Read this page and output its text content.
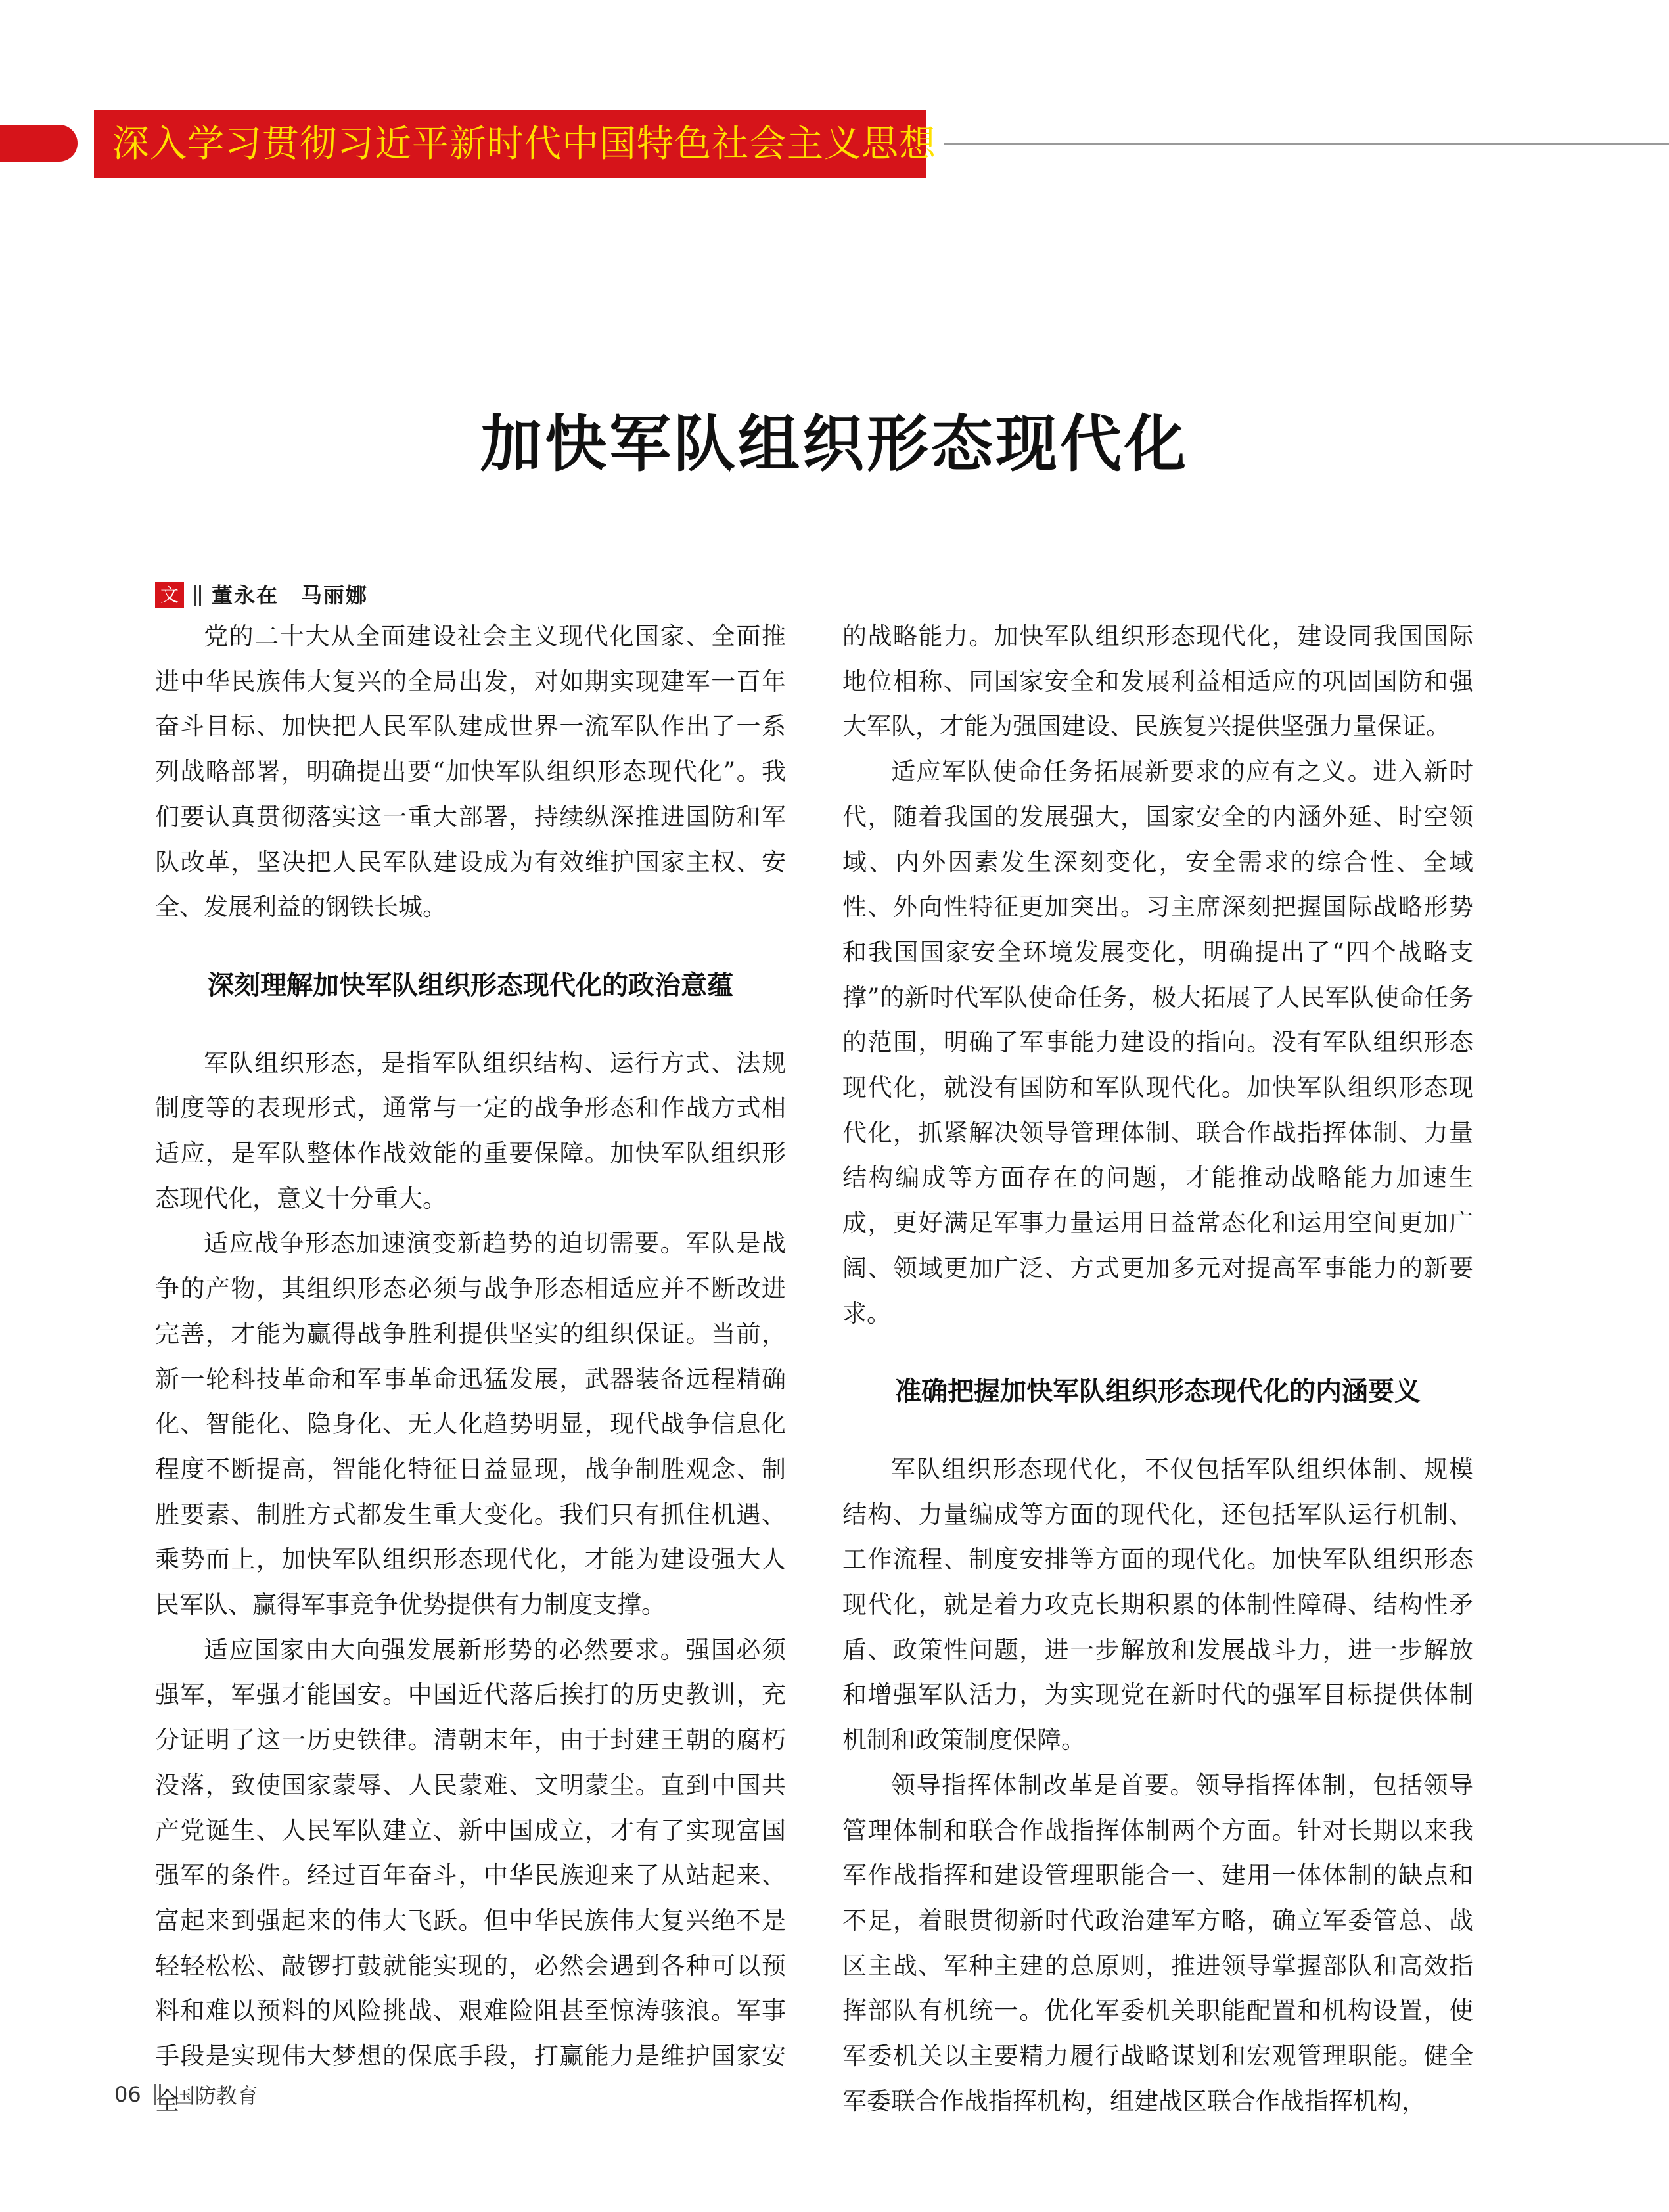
深入学习贯彻习近平新时代中国特色社会主义思想
加快军队组织形态现代化
文 董永在　马丽娜

党的二十大从全面建设社会主义现代化国家、全面推进中华民族伟大复兴的全局出发，对如期实现建军一百年奋斗目标、加快把人民军队建成世界一流军队作出了一系列战略部署，明确提出要“加快军队组织形态现代化”。我们要认真贯彻落实这一重大部署，持续纵深推进国防和军队改革，坚决把人民军队建设成为有效维护国家主权、安全、发展利益的钢铁长城。

深刻理解加快军队组织形态现代化的政治意蕴

军队组织形态，是指军队组织结构、运行方式、法规制度等的表现形式，通常与一定的战争形态和作战方式相适应，是军队整体作战效能的重要保障。加快军队组织形态现代化，意义十分重大。

适应战争形态加速演变新趋势的迫切需要。军队是战争的产物，其组织形态必须与战争形态相适应并不断改进完善，才能为赢得战争胜利提供坚实的组织保证。当前，新一轮科技革命和军事革命迅猛发展，武器装备远程精确化、智能化、隐身化、无人化趋势明显，现代战争信息化程度不断提高，智能化特征日益显现，战争制胜观念、制胜要素、制胜方式都发生重大变化。我们只有抓住机遇、乘势而上，加快军队组织形态现代化，才能为建设强大人民军队、赢得军事竞争优势提供有力制度支撑。

适应国家由大向强发展新形势的必然要求。强国必须强军，军强才能国安。中国近代落后挨打的历史教训，充分证明了这一历史铁律。清朝末年，由于封建王朝的腐朽没落，致使国家蒙辱、人民蒙难、文明蒙尘。直到中国共产党诞生、人民军队建立、新中国成立，才有了实现富国强军的条件。经过百年奋斗，中华民族迎来了从站起来、富起来到强起来的伟大飞跃。但中华民族伟大复兴绝不是轻轻松松、敲锣打鼓就能实现的，必然会遇到各种可以预料和难以预料的风险挑战、艰难险阻甚至惊涛骇浪。军事手段是实现伟大梦想的保底手段，打赢能力是维护国家安全

的战略能力。加快军队组织形态现代化，建设同我国国际地位相称、同国家安全和发展利益相适应的巩固国防和强大军队，才能为强国建设、民族复兴提供坚强力量保证。

适应军队使命任务拓展新要求的应有之义。进入新时代，随着我国的发展强大，国家安全的内涵外延、时空领域、内外因素发生深刻变化，安全需求的综合性、全域性、外向性特征更加突出。习主席深刻把握国际战略形势和我国国家安全环境发展变化，明确提出了“四个战略支撑”的新时代军队使命任务，极大拓展了人民军队使命任务的范围，明确了军事能力建设的指向。没有军队组织形态现代化，就没有国防和军队现代化。加快军队组织形态现代化，抓紧解决领导管理体制、联合作战指挥体制、力量结构编成等方面存在的问题，才能推动战略能力加速生成，更好满足军事力量运用日益常态化和运用空间更加广阔、领域更加广泛、方式更加多元对提高军事能力的新要求。

准确把握加快军队组织形态现代化的内涵要义

军队组织形态现代化，不仅包括军队组织体制、规模结构、力量编成等方面的现代化，还包括军队运行机制、工作流程、制度安排等方面的现代化。加快军队组织形态现代化，就是着力攻克长期积累的体制性障碍、结构性矛盾、政策性问题，进一步解放和发展战斗力，进一步解放和增强军队活力，为实现党在新时代的强军目标提供体制机制和政策制度保障。

领导指挥体制改革是首要。领导指挥体制，包括领导管理体制和联合作战指挥体制两个方面。针对长期以来我军作战指挥和建设管理职能合一、建用一体体制的缺点和不足，着眼贯彻新时代政治建军方略，确立军委管总、战区主战、军种主建的总原则，推进领导掌握部队和高效指挥部队有机统一。优化军委机关职能配置和机构设置，使军委机关以主要精力履行战略谋划和宏观管理职能。健全军委联合作战指挥机构，组建战区联合作战指挥机构，

06 国防教育
